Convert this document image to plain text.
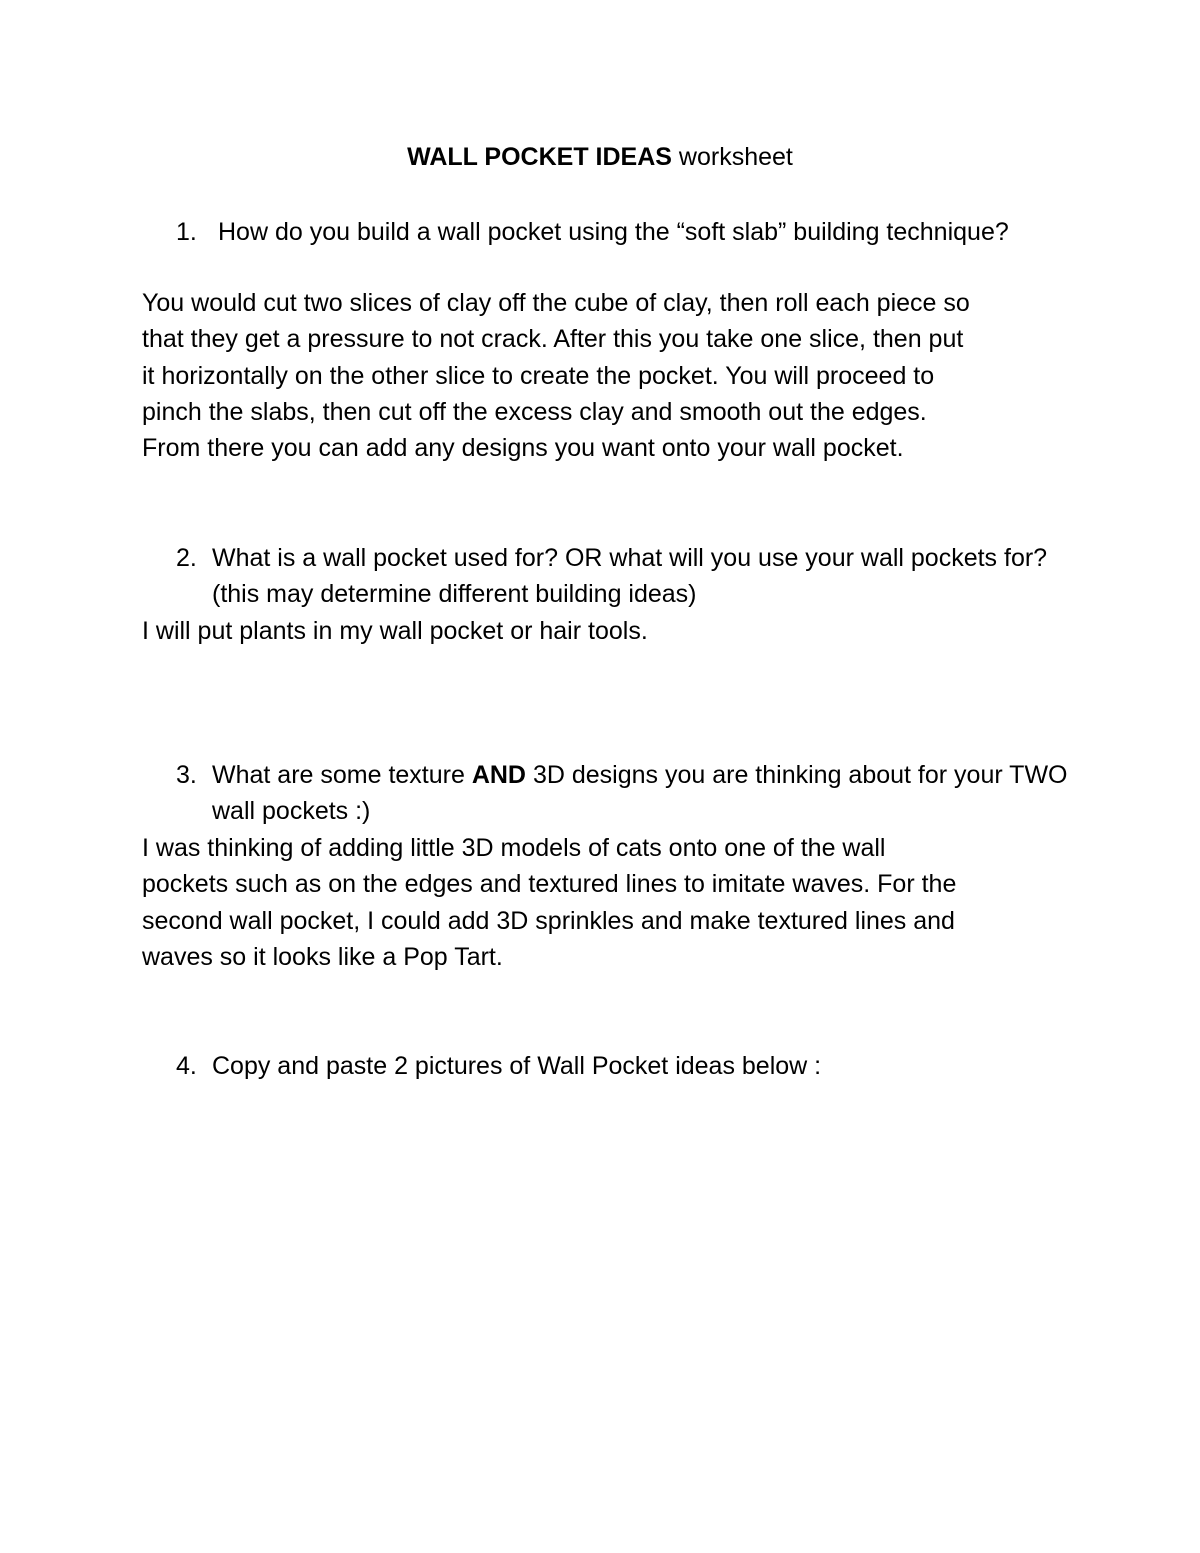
WALL POCKET IDEAS worksheet
1. How do you build a wall pocket using the “soft slab” building technique?
You would cut two slices of clay off the cube of clay, then roll each piece so
that they get a pressure to not crack. After this you take one slice, then put
it horizontally on the other slice to create the pocket. You will proceed to
pinch the slabs, then cut off the excess clay and smooth out the edges.
From there you can add any designs you want onto your wall pocket.
2. What is a wall pocket used for? OR what will you use your wall pockets for? (this may determine different building ideas)
I will put plants in my wall pocket or hair tools.
3. What are some texture AND 3D designs you are thinking about for your TWO wall pockets :)
I was thinking of adding little 3D models of cats onto one of the wall
pockets such as on the edges and textured lines to imitate waves. For the
second wall pocket, I could add 3D sprinkles and make textured lines and
waves so it looks like a Pop Tart.
4. Copy and paste 2 pictures of Wall Pocket ideas below :
